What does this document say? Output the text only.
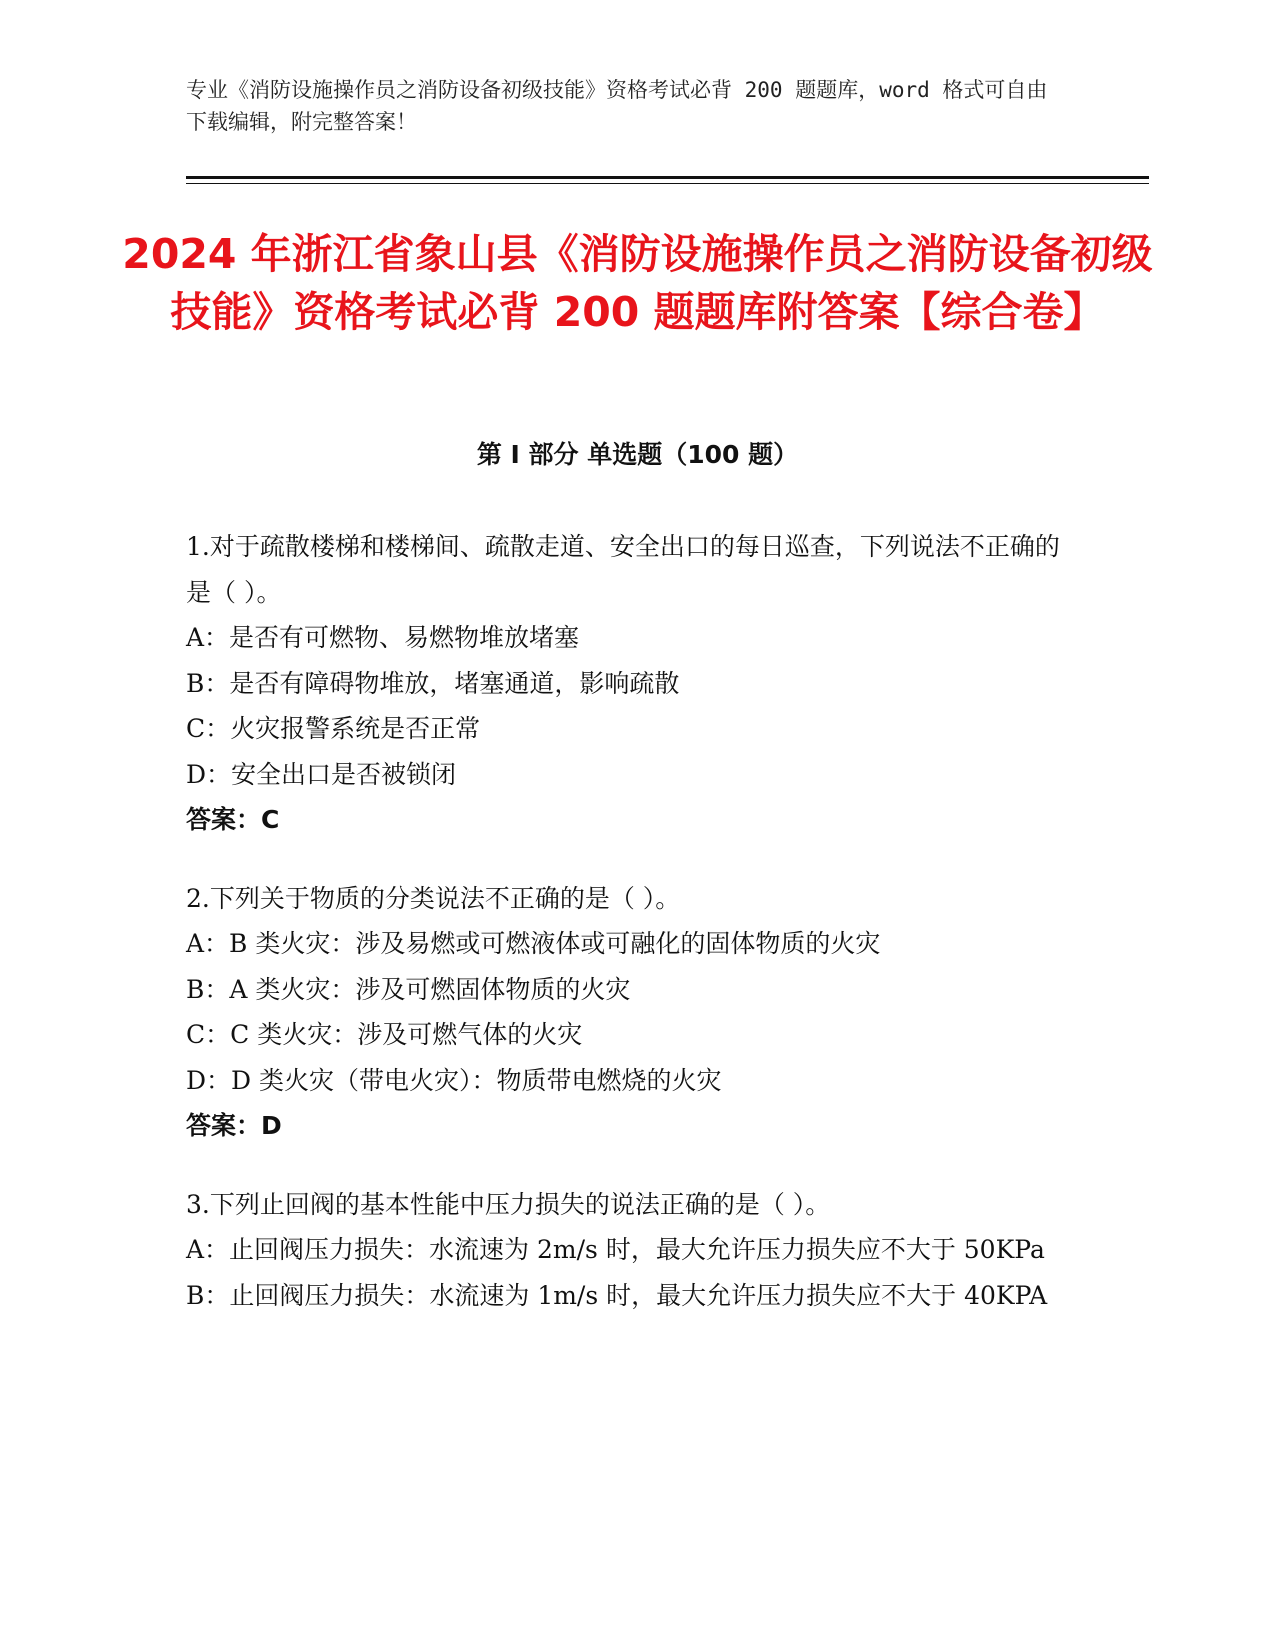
专业《消防设施操作员之消防设备初级技能》资格考试必背 200 题题库，word 格式可自由下载编辑，附完整答案！
2024 年浙江省象山县《消防设施操作员之消防设备初级技能》资格考试必背 200 题题库附答案【综合卷】
第 I 部分 单选题（100 题）
1.对于疏散楼梯和楼梯间、疏散走道、安全出口的每日巡查，下列说法不正确的是（ ）。
A：是否有可燃物、易燃物堆放堵塞
B：是否有障碍物堆放，堵塞通道，影响疏散
C：火灾报警系统是否正常
D：安全出口是否被锁闭
答案：C
2.下列关于物质的分类说法不正确的是（ ）。
A：B 类火灾：涉及易燃或可燃液体或可融化的固体物质的火灾
B：A 类火灾：涉及可燃固体物质的火灾
C：C 类火灾：涉及可燃气体的火灾
D：D 类火灾（带电火灾）：物质带电燃烧的火灾
答案：D
3.下列止回阀的基本性能中压力损失的说法正确的是（ ）。
A：止回阀压力损失：水流速为 2m/s 时，最大允许压力损失应不大于 50KPa
B：止回阀压力损失：水流速为 1m/s 时，最大允许压力损失应不大于 40KPA
